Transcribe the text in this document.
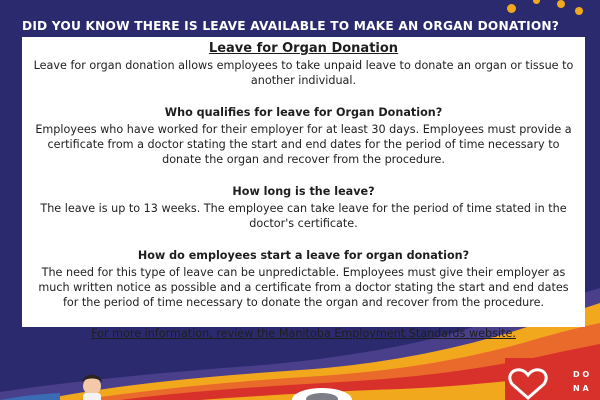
D O
N A
DID YOU KNOW THERE IS LEAVE AVAILABLE TO MAKE AN ORGAN DONATION?
Leave for Organ Donation
Leave for organ donation allows employees to take unpaid leave to donate an organ or tissue to another individual.
Who qualifies for leave for Organ Donation?
Employees who have worked for their employer for at least 30 days. Employees must provide a certificate from a doctor stating the start and end dates for the period of time necessary to donate the organ and recover from the procedure.
How long is the leave?
The leave is up to 13 weeks. The employee can take leave for the period of time stated in the doctor's certificate.
How do employees start a leave for organ donation?
The need for this type of leave can be unpredictable. Employees must give their employer as much written notice as possible and a certificate from a doctor stating the start and end dates for the period of time necessary to donate the organ and recover from the procedure.
For more information, review the Manitoba Employment Standards website.
